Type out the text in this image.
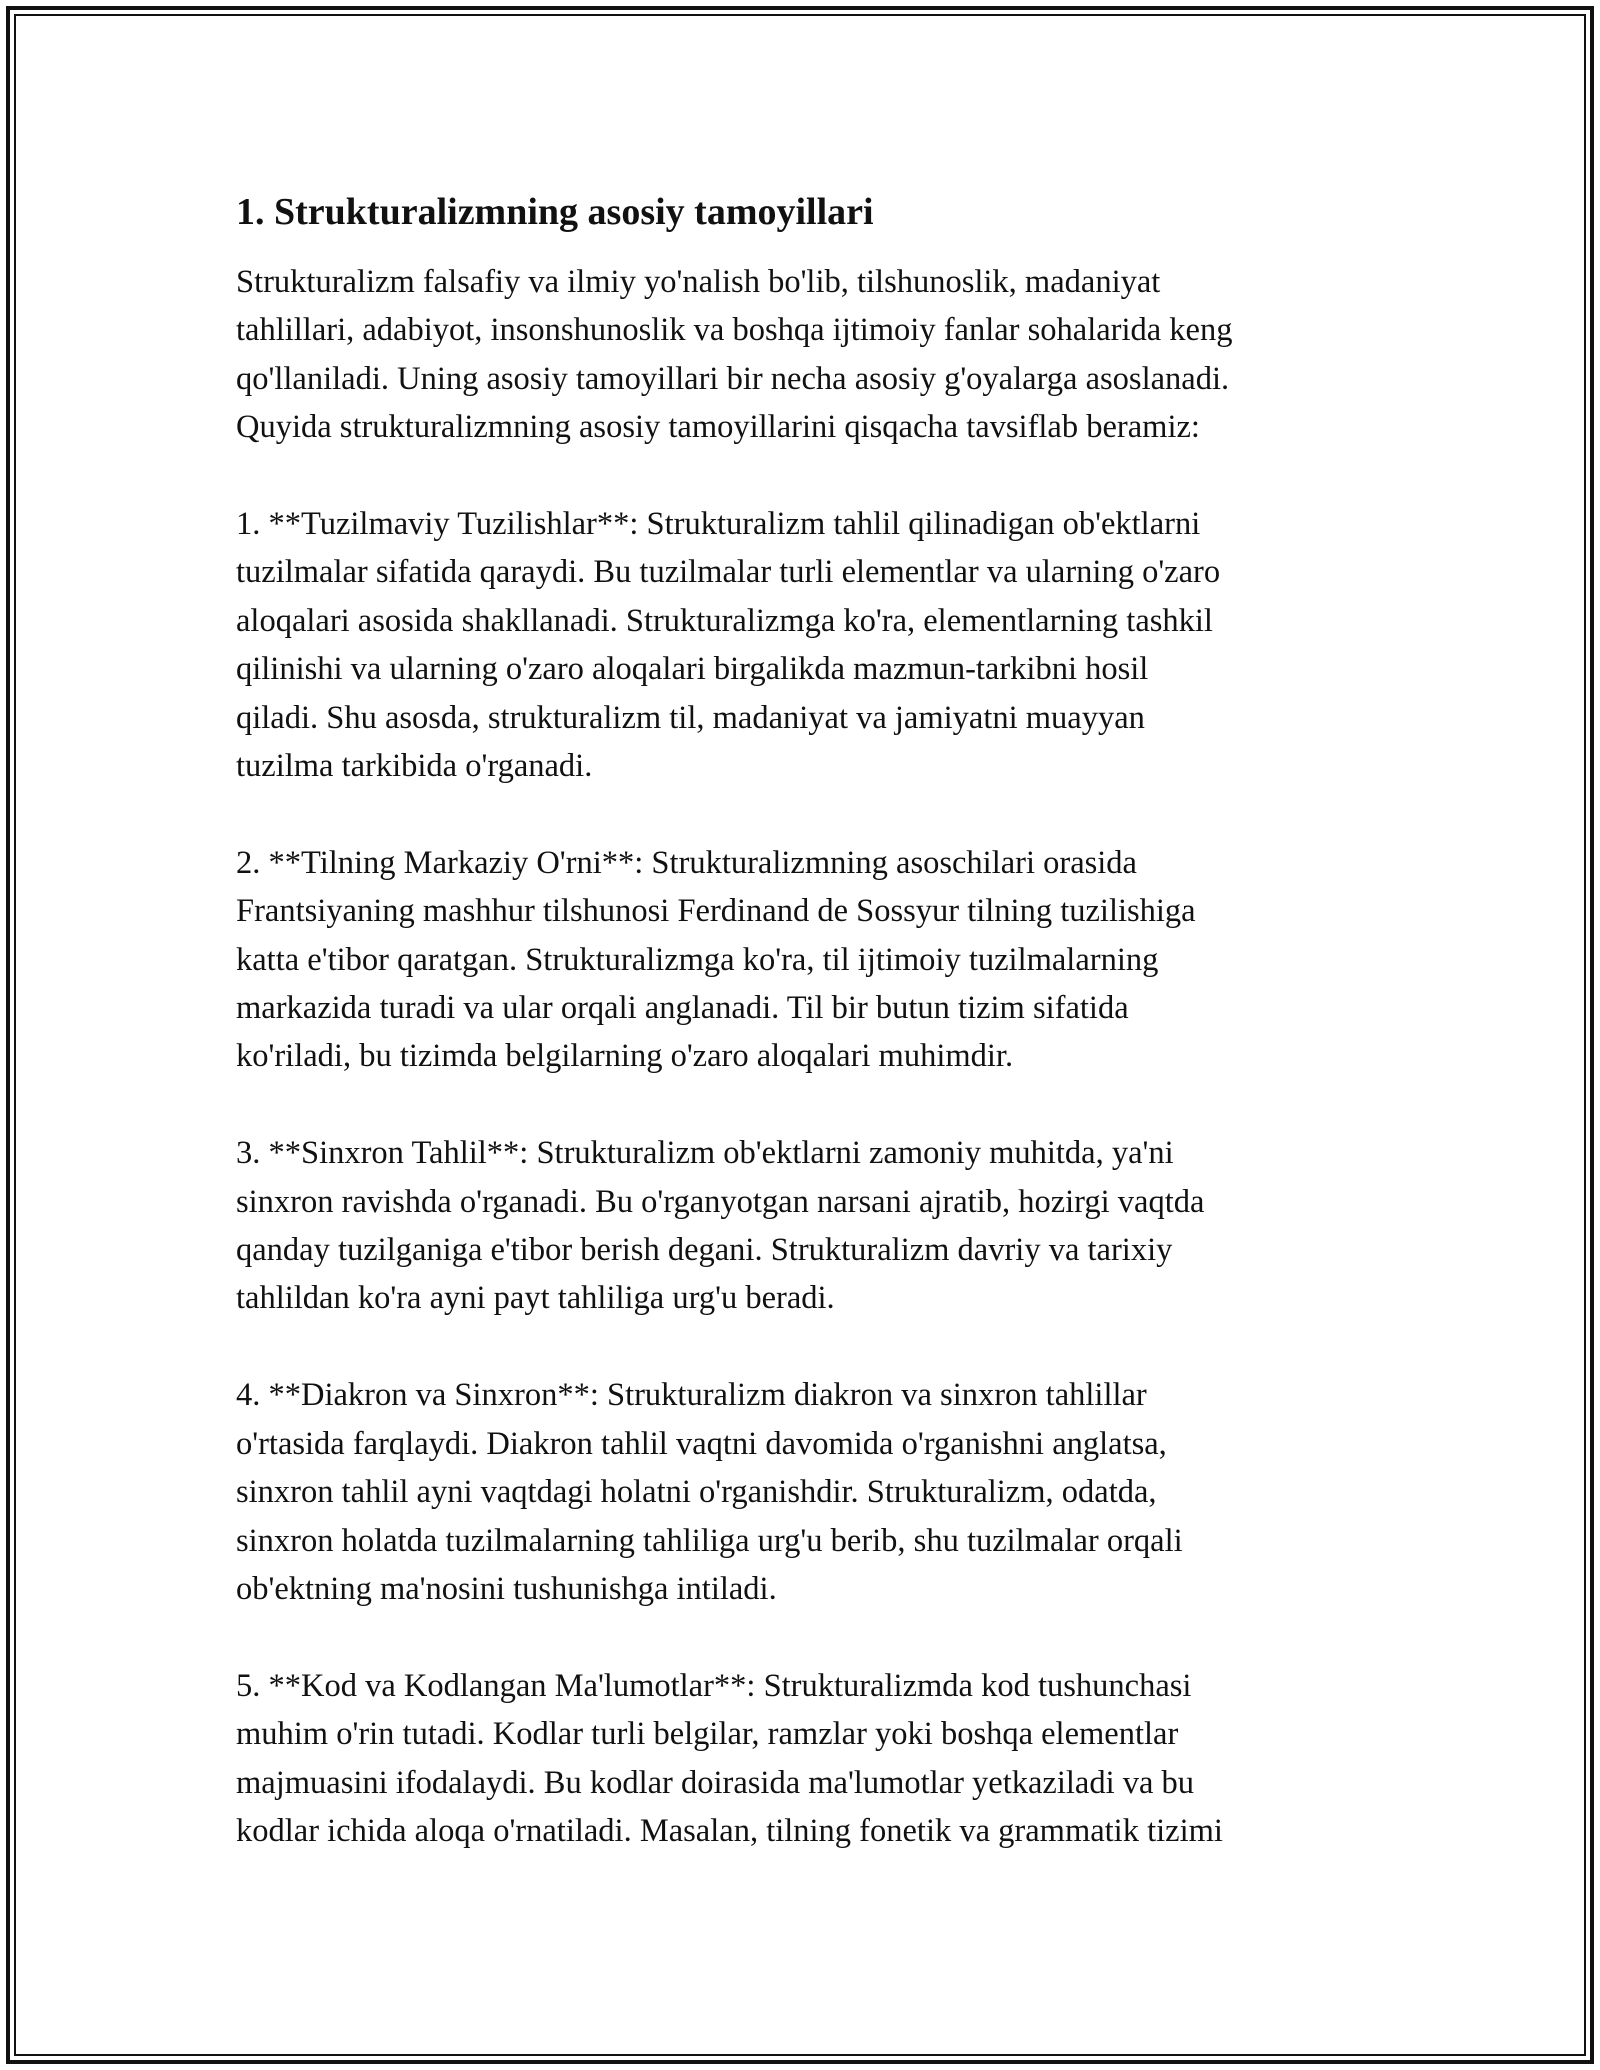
1. Strukturalizmning asosiy tamoyillari
Strukturalizm falsafiy va ilmiy yo'nalish bo'lib, tilshunoslik, madaniyat
tahlillari, adabiyot, insonshunoslik va boshqa ijtimoiy fanlar sohalarida keng
qo'llaniladi. Uning asosiy tamoyillari bir necha asosiy g'oyalarga asoslanadi.
Quyida strukturalizmning asosiy tamoyillarini qisqacha tavsiflab beramiz:
1. **Tuzilmaviy Tuzilishlar**: Strukturalizm tahlil qilinadigan ob'ektlarni
tuzilmalar sifatida qaraydi. Bu tuzilmalar turli elementlar va ularning o'zaro
aloqalari asosida shakllanadi. Strukturalizmga ko'ra, elementlarning tashkil
qilinishi va ularning o'zaro aloqalari birgalikda mazmun-tarkibni hosil
qiladi. Shu asosda, strukturalizm til, madaniyat va jamiyatni muayyan
tuzilma tarkibida o'rganadi.
2. **Tilning Markaziy O'rni**: Strukturalizmning asoschilari orasida
Frantsiyaning mashhur tilshunosi Ferdinand de Sossyur tilning tuzilishiga
katta e'tibor qaratgan. Strukturalizmga ko'ra, til ijtimoiy tuzilmalarning
markazida turadi va ular orqali anglanadi. Til bir butun tizim sifatida
ko'riladi, bu tizimda belgilarning o'zaro aloqalari muhimdir.
3. **Sinxron Tahlil**: Strukturalizm ob'ektlarni zamoniy muhitda, ya'ni
sinxron ravishda o'rganadi. Bu o'rganyotgan narsani ajratib, hozirgi vaqtda
qanday tuzilganiga e'tibor berish degani. Strukturalizm davriy va tarixiy
tahlildan ko'ra ayni payt tahliliga urg'u beradi.
4. **Diakron va Sinxron**: Strukturalizm diakron va sinxron tahlillar
o'rtasida farqlaydi. Diakron tahlil vaqtni davomida o'rganishni anglatsa,
sinxron tahlil ayni vaqtdagi holatni o'rganishdir. Strukturalizm, odatda,
sinxron holatda tuzilmalarning tahliliga urg'u berib, shu tuzilmalar orqali
ob'ektning ma'nosini tushunishga intiladi.
5. **Kod va Kodlangan Ma'lumotlar**: Strukturalizmda kod tushunchasi
muhim o'rin tutadi. Kodlar turli belgilar, ramzlar yoki boshqa elementlar
majmuasini ifodalaydi. Bu kodlar doirasida ma'lumotlar yetkaziladi va bu
kodlar ichida aloqa o'rnatiladi. Masalan, tilning fonetik va grammatik tizimi
